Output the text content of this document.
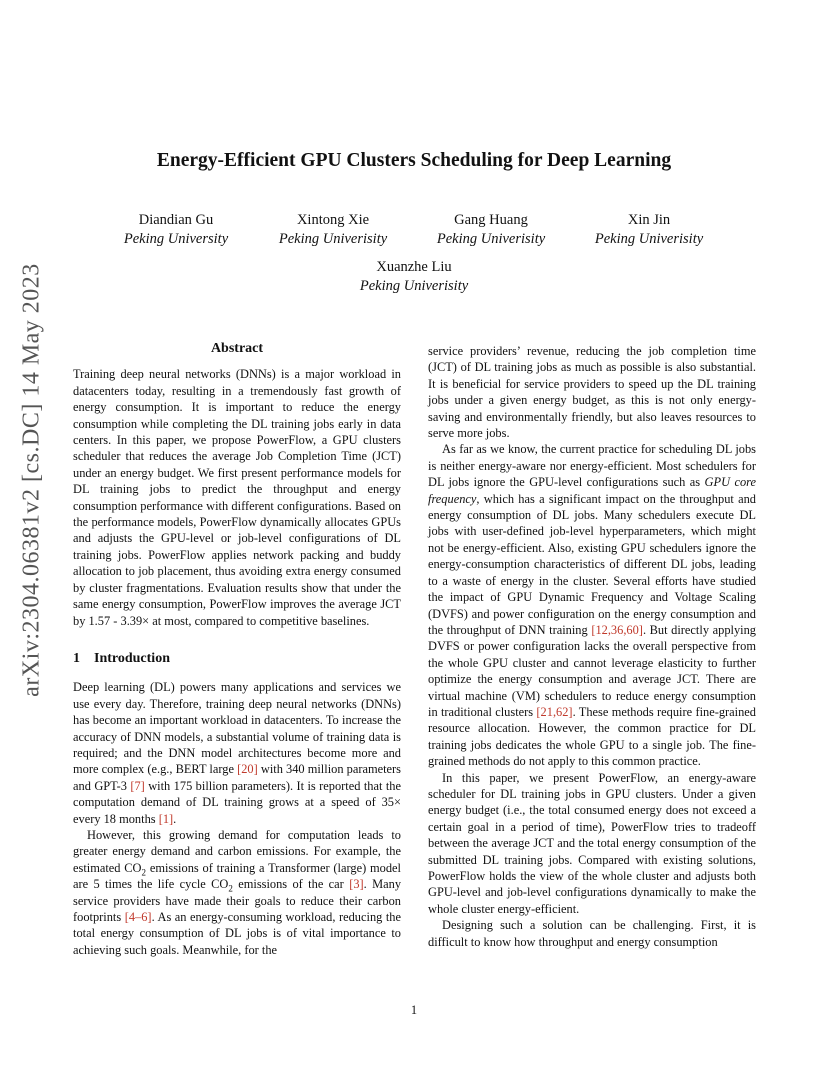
arXiv:2304.06381v2 [cs.DC] 14 May 2023
Energy-Efficient GPU Clusters Scheduling for Deep Learning
Diandian Gu
Peking University
Xintong Xie
Peking Univerisity
Gang Huang
Peking Univerisity
Xin Jin
Peking Univerisity
Xuanzhe Liu
Peking Univerisity
Abstract

Training deep neural networks (DNNs) is a major workload in datacenters today, resulting in a tremendously fast growth of energy consumption. It is important to reduce the energy consumption while completing the DL training jobs early in data centers. In this paper, we propose PowerFlow, a GPU clusters scheduler that reduces the average Job Completion Time (JCT) under an energy budget. We first present performance models for DL training jobs to predict the throughput and energy consumption performance with different configurations. Based on the performance models, PowerFlow dynamically allocates GPUs and adjusts the GPU-level or job-level configurations of DL training jobs. PowerFlow applies network packing and buddy allocation to job placement, thus avoiding extra energy consumed by cluster fragmentations. Evaluation results show that under the same energy consumption, PowerFlow improves the average JCT by 1.57 - 3.39× at most, compared to competitive baselines.

1 Introduction

Deep learning (DL) powers many applications and services we use every day. Therefore, training deep neural networks (DNNs) has become an important workload in datacenters. To increase the accuracy of DNN models, a substantial volume of training data is required; and the DNN model architectures become more and more complex (e.g., BERT large [20] with 340 million parameters and GPT-3 [7] with 175 billion parameters). It is reported that the computation demand of DL training grows at a speed of 35× every 18 months [1].

However, this growing demand for computation leads to greater energy demand and carbon emissions. For example, the estimated $CO_2$ emissions of training a Transformer (large) model are 5 times the life cycle $CO_2$ emissions of the car [3]. Many service providers have made their goals to reduce their carbon footprints [4–6]. As an energy-consuming workload, reducing the total energy consumption of DL jobs is of vital importance to achieving such goals. Meanwhile, for the

service providers’ revenue, reducing the job completion time (JCT) of DL training jobs as much as possible is also substantial. It is beneficial for service providers to speed up the DL training jobs under a given energy budget, as this is not only energy-saving and environmentally friendly, but also leaves resources to serve more jobs.

As far as we know, the current practice for scheduling DL jobs is neither energy-aware nor energy-efficient. Most schedulers for DL jobs ignore the GPU-level configurations such as GPU core frequency, which has a significant impact on the throughput and energy consumption of DL jobs. Many schedulers execute DL jobs with user-defined job-level hyperparameters, which might not be energy-efficient. Also, existing GPU schedulers ignore the energy-consumption characteristics of different DL jobs, leading to a waste of energy in the cluster. Several efforts have studied the impact of GPU Dynamic Frequency and Voltage Scaling (DVFS) and power configuration on the energy consumption and the throughput of DNN training [12,36,60]. But directly applying DVFS or power configuration lacks the overall perspective from the whole GPU cluster and cannot leverage elasticity to further optimize the energy consumption and average JCT. There are virtual machine (VM) schedulers to reduce energy consumption in traditional clusters [21,62]. These methods require fine-grained resource allocation. However, the common practice for DL training jobs dedicates the whole GPU to a single job. The fine-grained methods do not apply to this common practice.

In this paper, we present PowerFlow, an energy-aware scheduler for DL training jobs in GPU clusters. Under a given energy budget (i.e., the total consumed energy does not exceed a certain goal in a period of time), PowerFlow tries to tradeoff between the average JCT and the total energy consumption of the submitted DL training jobs. Compared with existing solutions, PowerFlow holds the view of the whole cluster and adjusts both GPU-level and job-level configurations dynamically to make the whole cluster energy-efficient.

Designing such a solution can be challenging. First, it is difficult to know how throughput and energy consumption

1
